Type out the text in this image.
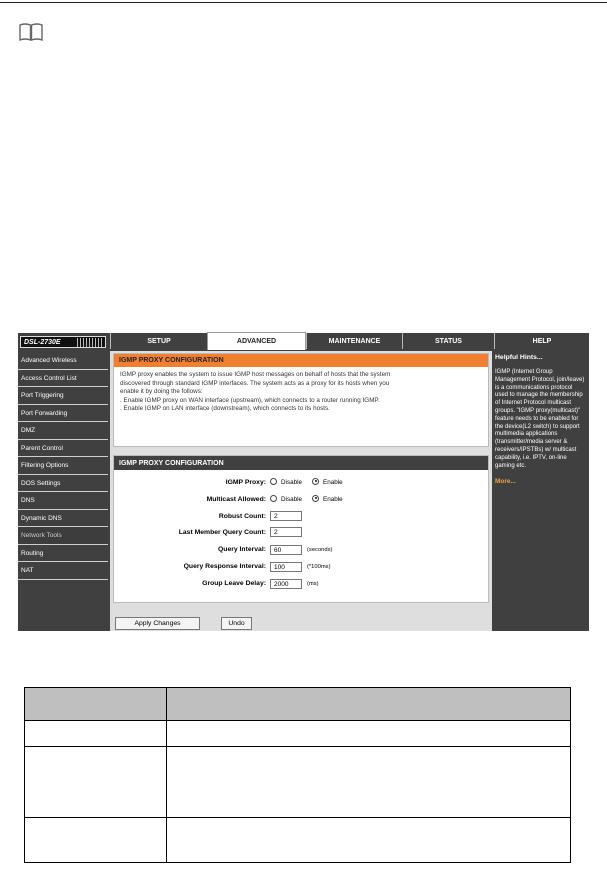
DSL-2730E	SETUP	ADVANCED	MAINTENANCE	STATUS	HELP
Advanced Wireless
Access Control List
Port Triggering
Port Forwarding
DMZ
Parent Control
Filtering Options
DOS Settings
DNS
Dynamic DNS
Network Tools
Routing
NAT
IGMP PROXY CONFIGURATION
IGMP proxy enables the system to issue IGMP host messages on behalf of hosts that the system
discovered through standard IGMP interfaces. The system acts as a proxy for its hosts when you
enable it by doing the follows:
. Enable IGMP proxy on WAN interface (upstream), which connects to a router running IGMP.
. Enable IGMP on LAN interface (downstream), which connects to its hosts.
IGMP PROXY CONFIGURATION
IGMP Proxy:	Disable	Enable
Multicast Allowed:	Disable	Enable
Robust Count:	2
Last Member Query Count:	2
Query Interval:	60	(seconds)
Query Response Interval:	100	(*100ms)
Group Leave Delay:	2000	(ms)
Apply Changes	Undo
Helpful Hints...
IGMP (Internet Group Management Protocol, join/leave) is a communications protocol used to manage the membership of Internet Protocol multicast groups. "IGMP proxy(multicast)" feature needs to be enabled for the device(L2 switch) to support multimedia applications (transmitter/media server & receivers/IPSTBs) w/ multicast capability, i.e. IPTV, on-line gaming etc.
More...
